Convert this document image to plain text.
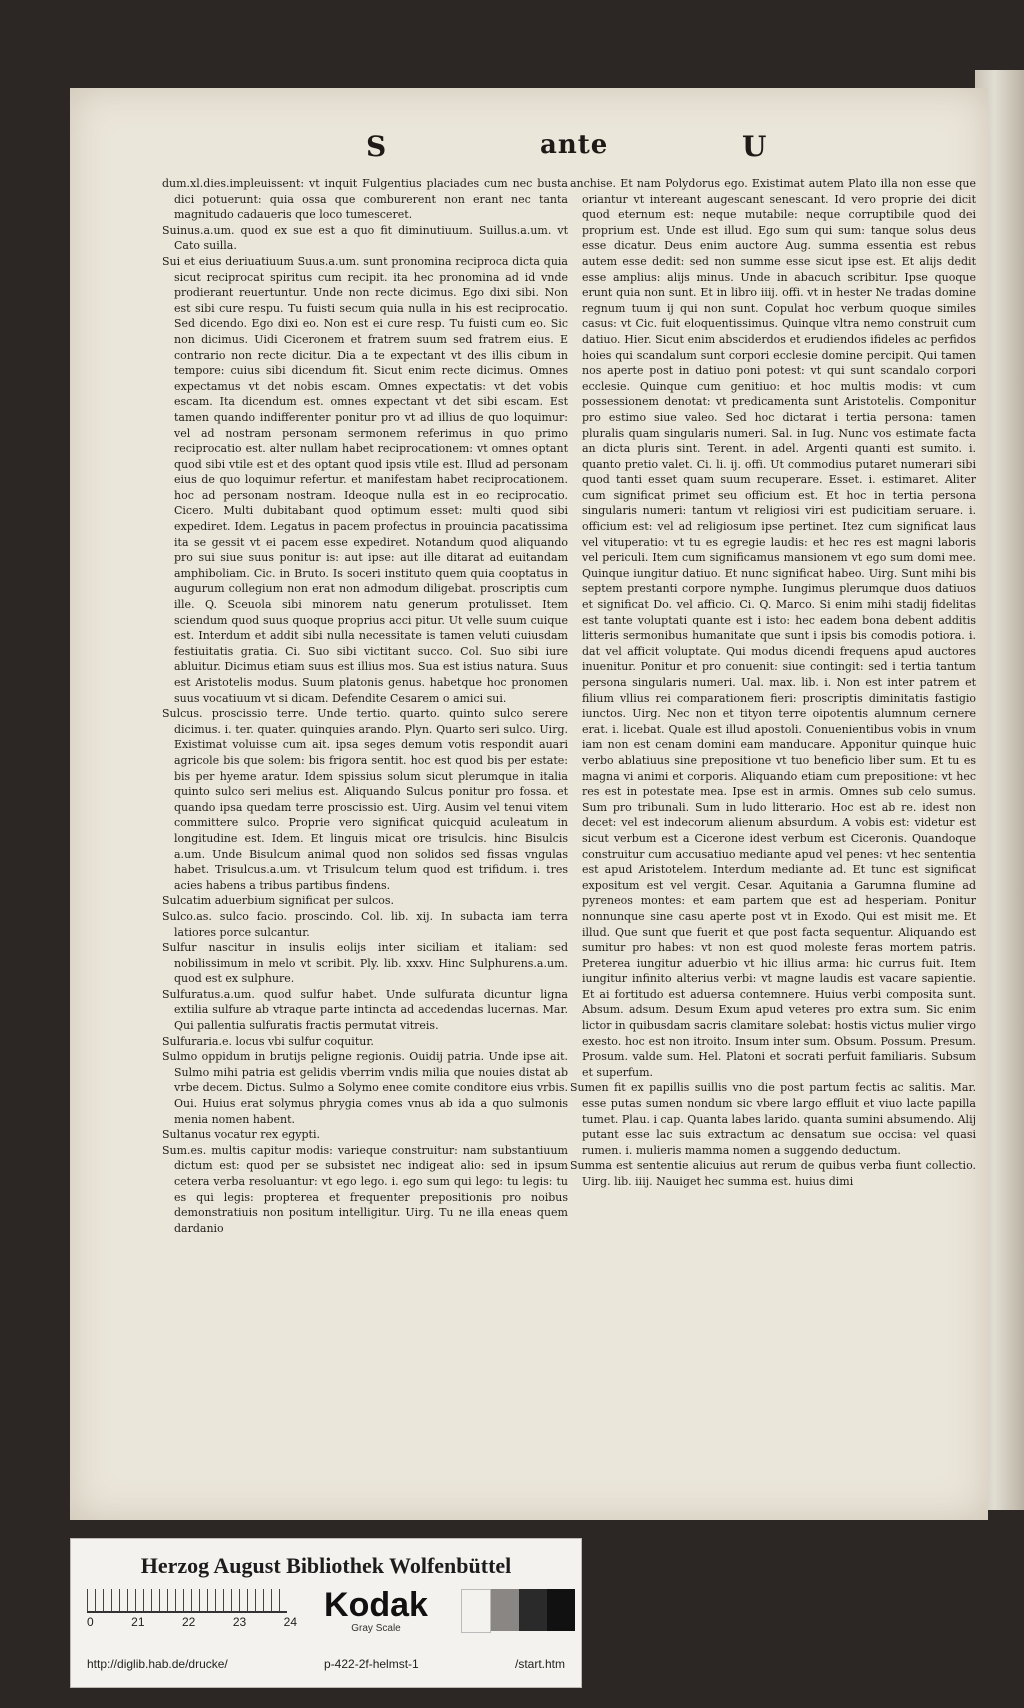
S	ante	U

dum.xl.dies.impleuissent: vt inquit Fulgentius placiades cum nec busta dici potuerunt: quia ossa que comburerent non erant nec tanta magnitudo cadaueris que loco tumesceret.

Suinus.a.um. quod ex sue est a quo fit diminutiuum. Suillus.a.um. vt Cato suilla.

Sui et eius deriuatiuum Suus.a.um. sunt pronomina reciproca dicta quia sicut reciprocat spiritus cum recipit. ita hec pronomina ad id vnde prodierant reuertuntur. Unde non recte dicimus. Ego dixi sibi. Non est sibi cure respu. Tu fuisti secum quia nulla in his est reciprocatio. Sed dicendo. Ego dixi eo. Non est ei cure resp. Tu fuisti cum eo. Sic non dicimus. Uidi Ciceronem et fratrem suum sed fratrem eius. E contrario non recte dicitur. Dia a te expectant vt des illis cibum in tempore: cuius sibi dicendum fit. Sicut enim recte dicimus. Omnes expectamus vt det nobis escam. Omnes expectatis: vt det vobis escam. Ita dicendum est. omnes expectant vt det sibi escam. Est tamen quando indifferenter ponitur pro vt ad illius de quo loquimur: vel ad nostram personam sermonem referimus in quo primo reciprocatio est. alter nullam habet reciprocationem: vt omnes optant quod sibi vtile est et des optant quod ipsis vtile est. Illud ad personam eius de quo loquimur refertur. et manifestam habet reciprocationem. hoc ad personam nostram. Ideoque nulla est in eo reciprocatio. Cicero. Multi dubitabant quod optimum esset: multi quod sibi expediret. Idem. Legatus in pacem profectus in prouincia pacatissima ita se gessit vt ei pacem esse expediret. Notandum quod aliquando pro sui siue suus ponitur is: aut ipse: aut ille ditarat ad euitandam amphiboliam. Cic. in Bruto. Is soceri instituto quem quia cooptatus in augurum collegium non erat non admodum diligebat. proscriptis cum ille. Q. Sceuola sibi minorem natu generum protulisset. Item sciendum quod suus quoque proprius acci pitur. Ut velle suum cuique est. Interdum et addit sibi nulla necessitate is tamen veluti cuiusdam festiuitatis gratia. Ci. Suo sibi victitant succo. Col. Suo sibi iure abluitur. Dicimus etiam suus est illius mos. Sua est istius natura. Suus est Aristotelis modus. Suum platonis genus. habetque hoc pronomen suus vocatiuum vt si dicam. Defendite Cesarem o amici sui.

Sulcus. proscissio terre. Unde tertio. quarto. quinto sulco serere dicimus. i. ter. quater. quinquies arando. Plyn. Quarto seri sulco. Uirg. Existimat voluisse cum ait. ipsa seges demum votis respondit auari agricole bis que solem: bis frigora sentit. hoc est quod bis per estate: bis per hyeme aratur. Idem spissius solum sicut plerumque in italia quinto sulco seri melius est. Aliquando Sulcus ponitur pro fossa. et quando ipsa quedam terre proscissio est. Uirg. Ausim vel tenui vitem committere sulco. Proprie vero significat quicquid aculeatum in longitudine est. Idem. Et linguis micat ore trisulcis. hinc Bisulcis a.um. Unde Bisulcum animal quod non solidos sed fissas vngulas habet. Trisulcus.a.um. vt Trisulcum telum quod est trifidum. i. tres acies habens a tribus partibus findens.

Sulcatim aduerbium significat per sulcos.

Sulco.as. sulco facio. proscindo. Col. lib. xij. In subacta iam terra latiores porce sulcantur.

Sulfur nascitur in insulis eolijs inter siciliam et italiam: sed nobilissimum in melo vt scribit. Ply. lib. xxxv. Hinc Sulphurens.a.um. quod est ex sulphure.

Sulfuratus.a.um. quod sulfur habet. Unde sulfurata dicuntur ligna extilia sulfure ab vtraque parte intincta ad accedendas lucernas. Mar. Qui pallentia sulfuratis fractis permutat vitreis.

Sulfuraria.e. locus vbi sulfur coquitur.

Sulmo oppidum in brutijs peligne regionis. Ouidij patria. Unde ipse ait. Sulmo mihi patria est gelidis vberrim vndis milia que nouies distat ab vrbe decem. Dictus. Sulmo a Solymo enee comite conditore eius vrbis. Oui. Huius erat solymus phrygia comes vnus ab ida a quo sulmonis menia nomen habent.

Sultanus vocatur rex egypti.

Sum.es. multis capitur modis: varieque construitur: nam substantiuum dictum est: quod per se subsistet nec indigeat alio: sed in ipsum cetera verba resoluantur: vt ego lego. i. ego sum qui lego: tu legis: tu es qui legis: propterea et frequenter prepositionis pro noibus demonstratiuis non positum intelligitur. Uirg. Tu ne illa eneas quem dardanio

anchise. Et nam Polydorus ego. Existimat autem Plato illa non esse que oriantur vt intereant augescant senescant. Id vero proprie dei dicit quod eternum est: neque mutabile: neque corruptibile quod dei proprium est. Unde est illud. Ego sum qui sum: tanque solus deus esse dicatur. Deus enim auctore Aug. summa essentia est rebus autem esse dedit: sed non summe esse sicut ipse est. Et alijs dedit esse amplius: alijs minus. Unde in abacuch scribitur. Ipse quoque erunt quia non sunt. Et in libro iiij. offi. vt in hester Ne tradas domine regnum tuum ij qui non sunt. Copulat hoc verbum quoque similes casus: vt Cic. fuit eloquentissimus. Quinque vltra nemo construit cum datiuo. Hier. Sicut enim absciderdos et erudiendos ifideles ac perfidos hoies qui scandalum sunt corpori ecclesie domine percipit. Qui tamen nos aperte post in datiuo poni potest: vt qui sunt scandalo corpori ecclesie. Quinque cum genitiuo: et hoc multis modis: vt cum possessionem denotat: vt predicamenta sunt Aristotelis. Componitur pro estimo siue valeo. Sed hoc dictarat i tertia persona: tamen pluralis quam singularis numeri. Sal. in Iug. Nunc vos estimate facta an dicta pluris sint. Terent. in adel. Argenti quanti est sumito. i. quanto pretio valet. Ci. li. ij. offi. Ut commodius putaret numerari sibi quod tanti esset quam suum recuperare. Esset. i. estimaret. Aliter cum significat primet seu officium est. Et hoc in tertia persona singularis numeri: tantum vt religiosi viri est pudicitiam seruare. i. officium est: vel ad religiosum ipse pertinet. Itez cum significat laus vel vituperatio: vt tu es egregie laudis: et hec res est magni laboris vel periculi. Item cum significamus mansionem vt ego sum domi mee. Quinque iungitur datiuo. Et nunc significat habeo. Uirg. Sunt mihi bis septem prestanti corpore nymphe. Iungimus plerumque duos datiuos et significat Do. vel afficio. Ci. Q. Marco. Si enim mihi stadij fidelitas est tante voluptati quante est i isto: hec eadem bona debent additis litteris sermonibus humanitate que sunt i ipsis bis comodis potiora. i. dat vel afficit voluptate. Qui modus dicendi frequens apud auctores inuenitur. Ponitur et pro conuenit: siue contingit: sed i tertia tantum persona singularis numeri. Ual. max. lib. i. Non est inter patrem et filium vllius rei comparationem fieri: proscriptis diminitatis fastigio iunctos. Uirg. Nec non et tityon terre oipotentis alumnum cernere erat. i. licebat. Quale est illud apostoli. Conuenientibus vobis in vnum iam non est cenam domini eam manducare. Apponitur quinque huic verbo ablatiuus sine prepositione vt tuo beneficio liber sum. Et tu es magna vi animi et corporis. Aliquando etiam cum prepositione: vt hec res est in potestate mea. Ipse est in armis. Omnes sub celo sumus. Sum pro tribunali. Sum in ludo litterario. Hoc est ab re. idest non decet: vel est indecorum alienum absurdum. A vobis est: videtur est sicut verbum est a Cicerone idest verbum est Ciceronis. Quandoque construitur cum accusatiuo mediante apud vel penes: vt hec sententia est apud Aristotelem. Interdum mediante ad. Et tunc est significat expositum est vel vergit. Cesar. Aquitania a Garumna flumine ad pyreneos montes: et eam partem que est ad hesperiam. Ponitur nonnunque sine casu aperte post vt in Exodo. Qui est misit me. Et illud. Que sunt que fuerit et que post facta sequentur. Aliquando est sumitur pro habes: vt non est quod moleste feras mortem patris. Preterea iungitur aduerbio vt hic illius arma: hic currus fuit. Item iungitur infinito alterius verbi: vt magne laudis est vacare sapientie. Et ai fortitudo est aduersa contemnere. Huius verbi composita sunt. Absum. adsum. Desum Exum apud veteres pro extra sum. Sic enim lictor in quibusdam sacris clamitare solebat: hostis victus mulier virgo exesto. hoc est non itroito. Insum inter sum. Obsum. Possum. Presum. Prosum. valde sum. Hel. Platoni et socrati perfuit familiaris. Subsum et superfum.

Sumen fit ex papillis suillis vno die post partum fectis ac salitis. Mar. esse putas sumen nondum sic vbere largo effluit et viuo lacte papilla tumet. Plau. i cap. Quanta labes larido. quanta sumini absumendo. Alij putant esse lac suis extractum ac densatum sue occisa: vel quasi rumen. i. mulieris mamma nomen a suggendo deductum.

Summa est sententie alicuius aut rerum de quibus verba fiunt collectio. Uirg. lib. iiij. Nauiget hec summa est. huius dimi

Herzog August Bibliothek Wolfenbüttel
0	21	22	23	24 Kodak
Gray Scale
http://diglib.hab.de/drucke/	p-422-2f-helmst-1	/start.htm
